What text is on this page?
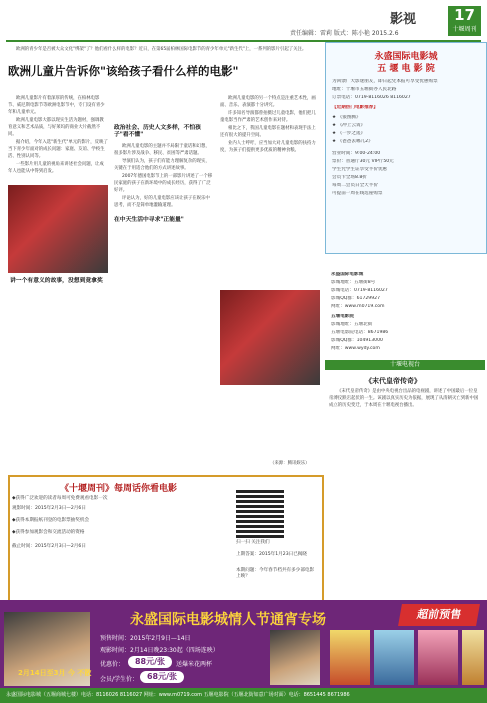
影视
责任编辑：雷莉 版式：陈小艳 2015.2.6
17
十堰周刊

欧洲的青少年是否被大众文化"绑架"了？他们看什么样的电影？近日，在第65届柏林国际电影节的青少年单元"新生代"上，一系列的影片引起了关注。

欧洲儿童片告诉你"该给孩子看什么样的电影"

欧洲儿童影片有着深厚的传统，在柏林电影节、威尼斯电影节等欧洲电影节中，专门设有青少年和儿童单元。

欧洲儿童电影大都以现实生活为题材，强调教育意义和艺术品质，与好莱坞的商业大片截然不同。

据介绍，今年入选"新生代"单元的影片，反映了当下青少年面对的成长问题：家庭、友谊、学校生活、性别认同等。

一些影片用儿童的视角来讲述社会问题，让成年人也能从中得到启发。

讲一个有意义的故事，没想到竟拿奖
政治社会、历史人文多样，不怕孩子"看不懂"

欧洲儿童电影的主题并不局限于童话和幻想，很多影片涉及战争、移民、贫困等严肃话题。

导演们认为，孩子们有能力理解复杂的现实，关键在于用适合他们的方式讲述故事。

2007年德国电影节上的一部影片讲述了一个移民家庭的孩子在新环境中的成长经历，获得了广泛好评。

评论认为，好的儿童电影应该让孩子在娱乐中思考，而不是简单地灌输道理。

在中天生活中寻求"正能量"

欧洲儿童电影的另一个特点是注重艺术性，画面、音乐、表演都十分讲究。

许多知名导演都曾拍摄过儿童电影，他们把儿童电影当作严肃的艺术创作来对待。

相比之下，我国儿童电影在题材和表现手法上还有很大的提升空间。

业内人士呼吁，应当加大对儿童电影的扶持力度，为孩子们提供更多优质的精神食粮。

（来源：腾讯娱乐）
永盛国际电影城
五 堰 电 影 院
为回馈广大影迷朋友，即日起凭本报可享受优惠购票
地址：十堰市五堰街办人民北路
订票电话：0719-8116026 8116027
【近期热门电影推荐】
★ 《狼图腾》
★ 《冲上云霄》
★ 《一步之遥》
★ 《爸爸去哪儿2》
营业时间：9:00-24:00
票价：普通厅30元 VIP厅50元
学生凭学生证享受半价优惠
会员卡全场8.8折
每周二会员日全天半价
可提前一周在线选座购票
永盛国际电影城
影城地址：五堰街8号
影城电话：0719-8116027
影城QQ群：61729927
网址：www.m0719.com
五堰电影院
影城地址：五堰北街
五堰电影院电话：8671986
影城QQ群：104913000
网址：www.wydy.com
十堰电视台
《末代皇帝传奇》

《末代皇帝传奇》是由中央电视台出品的电视剧，讲述了中国最后一位皇帝溥仪跌宕起伏的一生。该剧以真实历史为依据，展现了从清朝灭亡到新中国成立的历史变迁，于本周在十堰电视台播出。

《十堰周刊》每周话你看电影
◆获得广泛欢迎的读者每周可免费观看电影一次
观影时间：2015年2月3日—2月6日
◆获得本期报纸刊登的电影票抽奖机会
◆获得参加观影会和交流活动的资格
截止时间：2015年2月3日—2月6日
扫一扫 关注我们
上期答案：2015年1月23日已揭晓
本期问题：今年春节档共有多少部电影上映？
2月14日至3月 今 不散
永盛国际电影城情人节通宵专场	超前预售
预售时间：2015年2月9日—14日
观影时间：2月14日晚23:30起（四场连映）
优惠价：	88元/张	送爆米花两杯
会员/学生价：	68元/张
永盛国际电影城（五堰商城七楼）电话：8116026 8116027 网址：www.m0719.com 五堰电影院（五堰北街如意广场对面）电话：8651445 8671986
